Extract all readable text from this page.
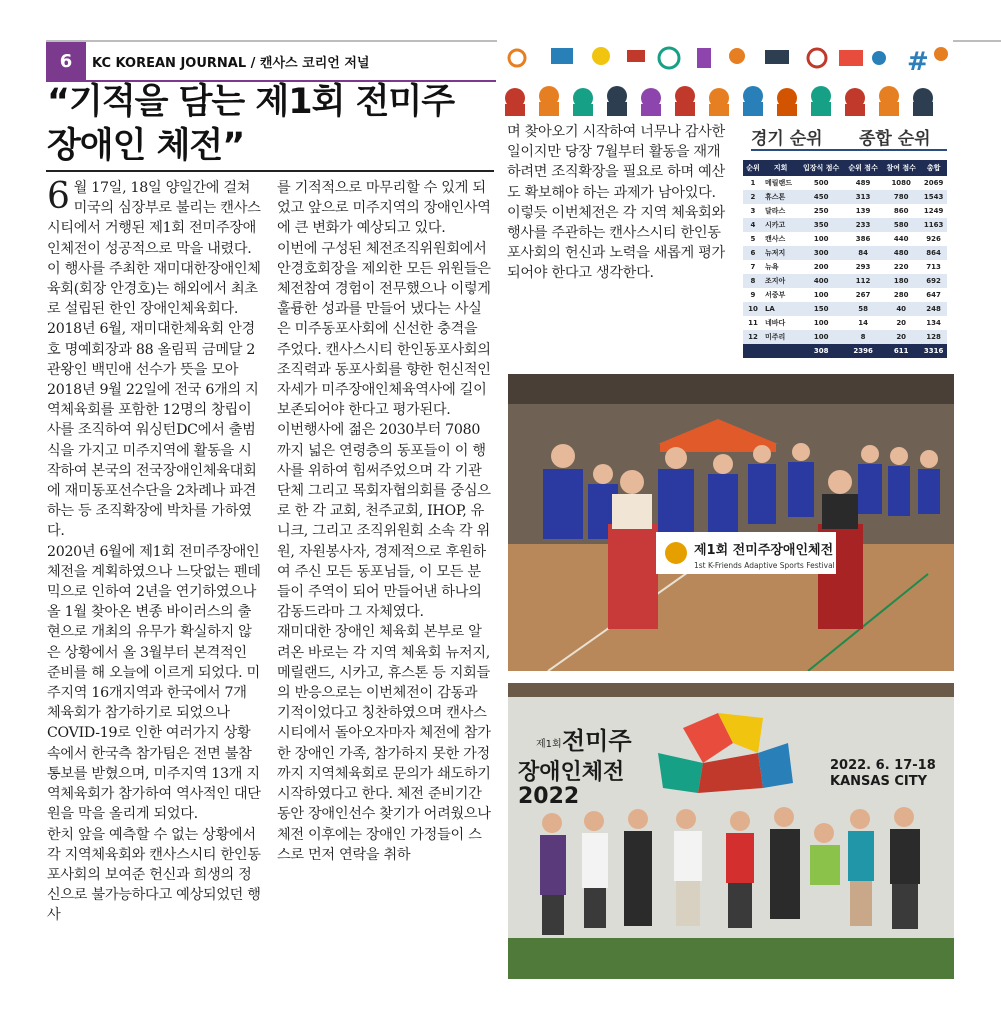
6	KC KOREAN JOURNAL / 캔사스 코리언 저널
“기적을 담는 제1회 전미주 장애인 체전”

6 월 17일, 18일 양일간에 걸쳐 미국의 심장부로 불리는 캔사스시티에서 거행된 제1회 전미주장애인체전이 성공적으로 막을 내렸다. 이 행사를 주최한 재미대한장애인체육회(회장 안경호)는 해외에서 최초로 설립된 한인 장애인체육회다. 2018년 6월, 재미대한체육회 안경호 명예회장과 88 올림픽 금메달 2관왕인 백민애 선수가 뜻을 모아 2018년 9월 22일에 전국 6개의 지역체육회를 포함한 12명의 창립이사를 조직하여 워싱턴DC에서 출범식을 가지고 미주지역에 활동을 시작하여 본국의 전국장애인체육대회에 재미동포선수단을 2차례나 파견하는 등 조직확장에 박차를 가하였다.

2020년 6월에 제1회 전미주장애인체전을 계획하였으나 느닷없는 펜데믹으로 인하여 2년을 연기하였으나 올 1월 찾아온 변종 바이러스의 출현으로 개최의 유무가 확실하지 않은 상황에서 올 3월부터 본격적인 준비를 해 오늘에 이르게 되었다. 미주지역 16개지역과 한국에서 7개 체육회가 참가하기로 되었으나 COVID-19로 인한 여러가지 상황속에서 한국측 참가팀은 전면 불참통보를 받혔으며, 미주지역 13개 지역체육회가 참가하여 역사적인 대단원을 막을 올리게 되었다.

한치 앞을 예측할 수 없는 상황에서 각 지역체육회와 캔사스시티 한인동포사회의 보여준 헌신과 희생의 정신으로 불가능하다고 예상되었던 행사

를 기적적으로 마무리할 수 있게 되었고 앞으로 미주지역의 장애인사역에 큰 변화가 예상되고 있다.

이번에 구성된 체전조직위원회에서 안경호회장을 제외한 모든 위원들은 체전참여 경험이 전무했으나 이렇게 훌륭한 성과를 만들어 냈다는 사실은 미주동포사회에 신선한 충격을 주었다. 캔사스시티 한인동포사회의 조직력과 동포사회를 향한 헌신적인 자세가 미주장애인체육역사에 길이 보존되어야 한다고 평가된다.

이번행사에 젊은 2030부터 7080까지 넓은 연령층의 동포들이 이 행사를 위하여 힘써주었으며 각 기관단체 그리고 목회자협의회를 중심으로 한 각 교회, 천주교회, IHOP, 유니크, 그리고 조직위원회 소속 각 위원, 자원봉사자, 경제적으로 후원하여 주신 모든 동포님들, 이 모든 분들이 주역이 되어 만들어낸 하나의 감동드라마 그 자체였다.

재미대한 장애인 체육회 본부로 알려온 바로는 각 지역 체육회 뉴저지, 메릴랜드, 시카고, 휴스톤 등 지회들의 반응으로는 이번체전이 감동과 기적이었다고 칭찬하였으며 캔사스시티에서 돌아오자마자 체전에 참가한 장애인 가족, 참가하지 못한 가정까지 지역체육회로 문의가 쇄도하기 시작하였다고 한다. 체전 준비기간동안 장애인선수 찾기가 어려웠으나 체전 이후에는 장애인 가정들이 스스로 먼저 연락을 취하

며 찾아오기 시작하여 너무나 감사한 일이지만 당장 7월부터 활동을 재개하려면 조직확장을 필요로 하며 예산도 확보해야 하는 과제가 남아있다.

이렇듯 이번체전은 각 지역 체육회와 행사를 주관하는 캔사스시티 한인동포사회의 헌신과 노력을 새롭게 평가되어야 한다고 생각한다.

#
경기 순위 종합 순위
순위	지회	입장식 점수	순위 점수	참여 점수	총합
1	메릴랜드	500	489	1080	2069
2	휴스톤	450	313	780	1543
3	달라스	250	139	860	1249
4	시카고	350	233	580	1163
5	캔사스	100	386	440	926
6	뉴저지	300	84	480	864
7	뉴욕	200	293	220	713
8	조지아	400	112	180	692
9	서중부	100	267	280	647
10	LA	150	58	40	248
11	네바다	100	14	20	134
12	미주리	100	8	20	128
		308	2396	611	3316
제1회 전미주장애인체전
1st K-Friends Adaptive Sports Festival
제1회 전미주
장애인체전
2022
2022. 6. 17-18
KANSAS CITY
